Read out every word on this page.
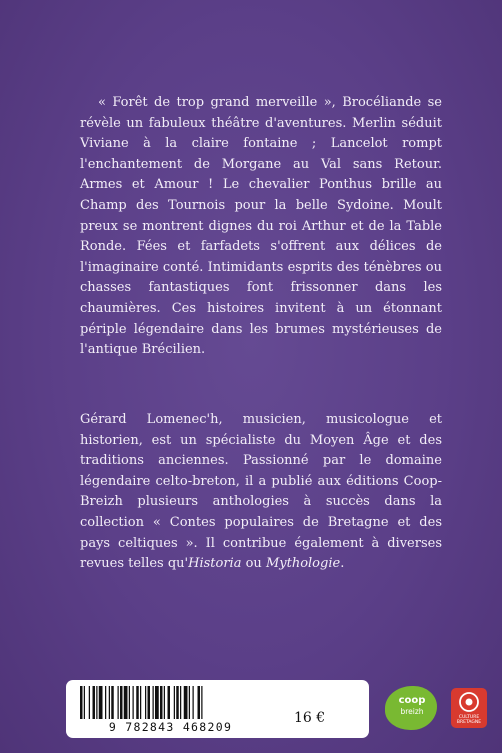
« Forêt de trop grand merveille », Brocéliande se révèle un fabuleux théâtre d'aventures. Merlin séduit Viviane à la claire fontaine ; Lancelot rompt l'enchantement de Morgane au Val sans Retour. Armes et Amour ! Le chevalier Ponthus brille au Champ des Tournois pour la belle Sydoine. Moult preux se montrent dignes du roi Arthur et de la Table Ronde. Fées et farfadets s'offrent aux délices de l'imaginaire conté. Intimidants esprits des ténèbres ou chasses fantastiques font frissonner dans les chaumières. Ces histoires invitent à un étonnant périple légendaire dans les brumes mystérieuses de l'antique Brécilien.

Gérard Lomenec'h, musicien, musicologue et historien, est un spécialiste du Moyen Âge et des traditions anciennes. Passionné par le domaine légendaire celto-breton, il a publié aux éditions Coop-Breizh plusieurs anthologies à succès dans la collection « Contes populaires de Bretagne et des pays celtiques ». Il contribue également à diverses revues telles qu'Historia ou Mythologie.

9 782843 468209
16 €
coop
breizh
CULTURE BRETAGNE
